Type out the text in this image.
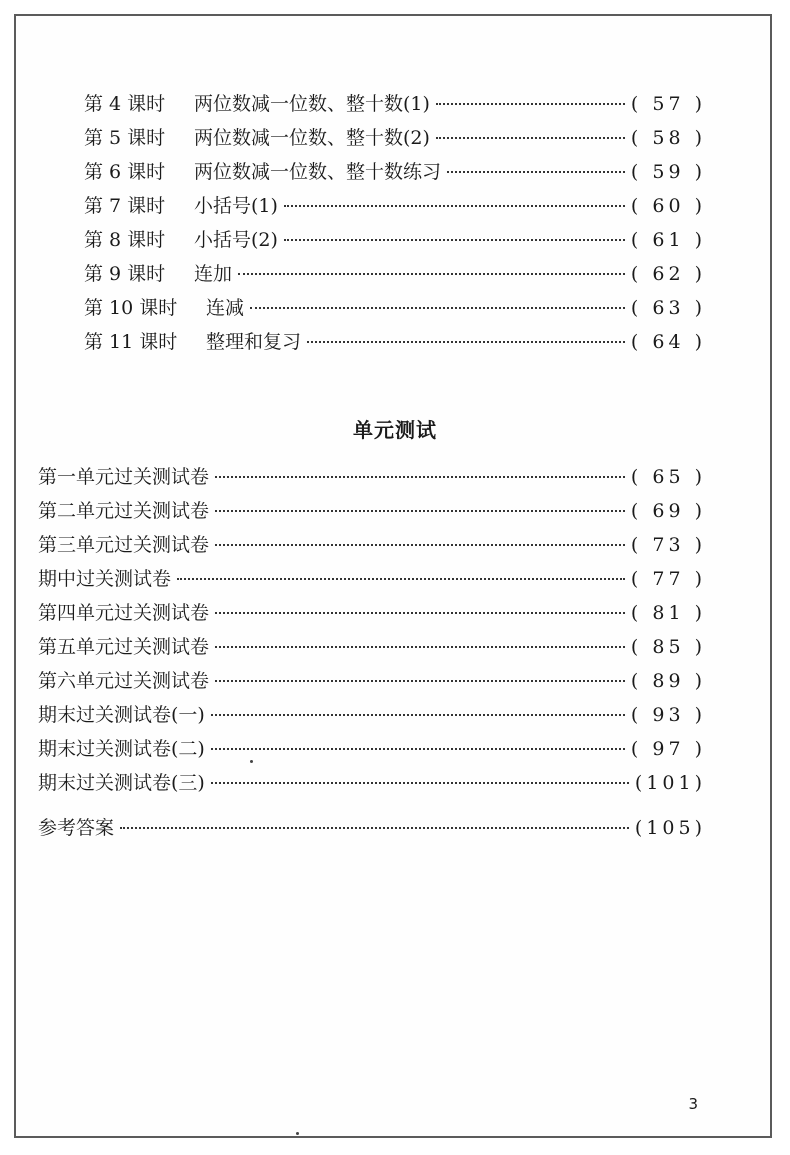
第 4 课时	两位数减一位数、整十数(1)	( 57 )
第 5 课时	两位数减一位数、整十数(2)	( 58 )
第 6 课时	两位数减一位数、整十数练习	( 59 )
第 7 课时	小括号(1)	( 60 )
第 8 课时	小括号(2)	( 61 )
第 9 课时	连加	( 62 )
第 10 课时	连减	( 63 )
第 11 课时	整理和复习	( 64 )
单元测试
第一单元过关测试卷	( 65 )
第二单元过关测试卷	( 69 )
第三单元过关测试卷	( 73 )
期中过关测试卷	( 77 )
第四单元过关测试卷	( 81 )
第五单元过关测试卷	( 85 )
第六单元过关测试卷	( 89 )
期末过关测试卷(一)	( 93 )
期末过关测试卷(二)	( 97 )
期末过关测试卷(三)	(101)
参考答案	(105)
3
